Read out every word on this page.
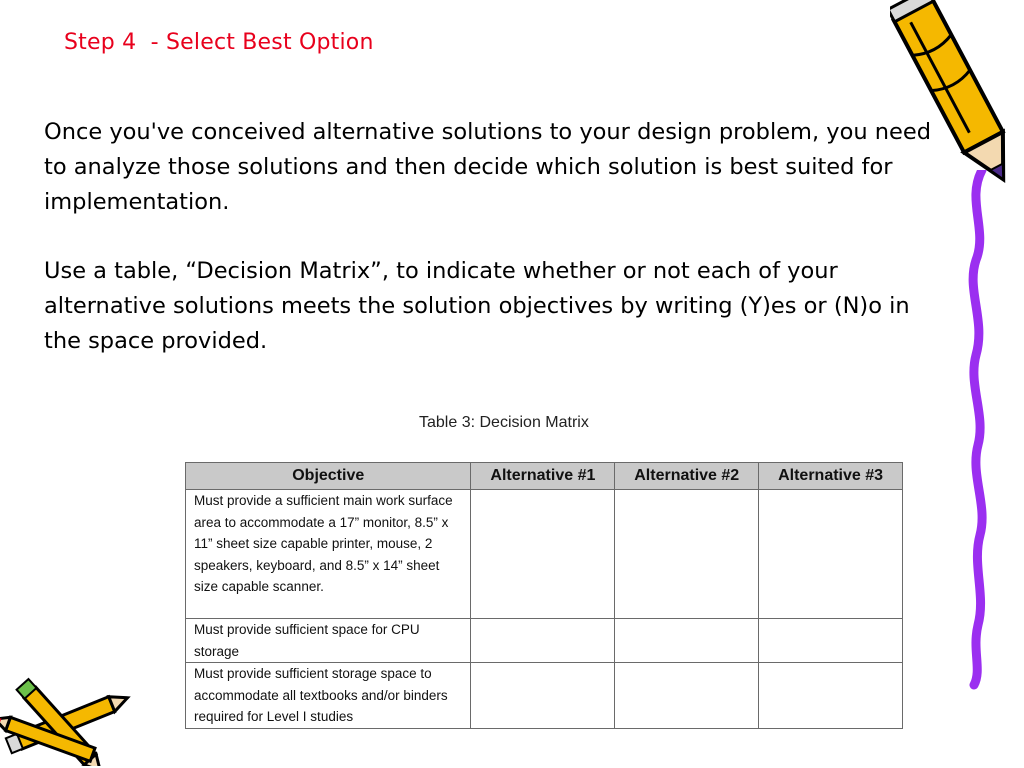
Step 4  - Select Best Option
Once you've conceived alternative solutions to your design problem, you need to analyze those solutions and then decide which solution is best suited for implementation.
Use a table, “Decision Matrix”, to indicate whether or not each of your alternative solutions meets the solution objectives by writing (Y)es or (N)o in the space provided.
Table 3: Decision Matrix
Objective	Alternative #1	Alternative #2	Alternative #3
Must provide a sufficient main work surface area to accommodate a 17” monitor, 8.5” x 11” sheet size capable printer, mouse, 2 speakers, keyboard, and 8.5” x 14” sheet size capable scanner.			
Must provide sufficient space for CPU storage			
Must provide sufficient storage space to accommodate all textbooks and/or binders required for Level I studies			
